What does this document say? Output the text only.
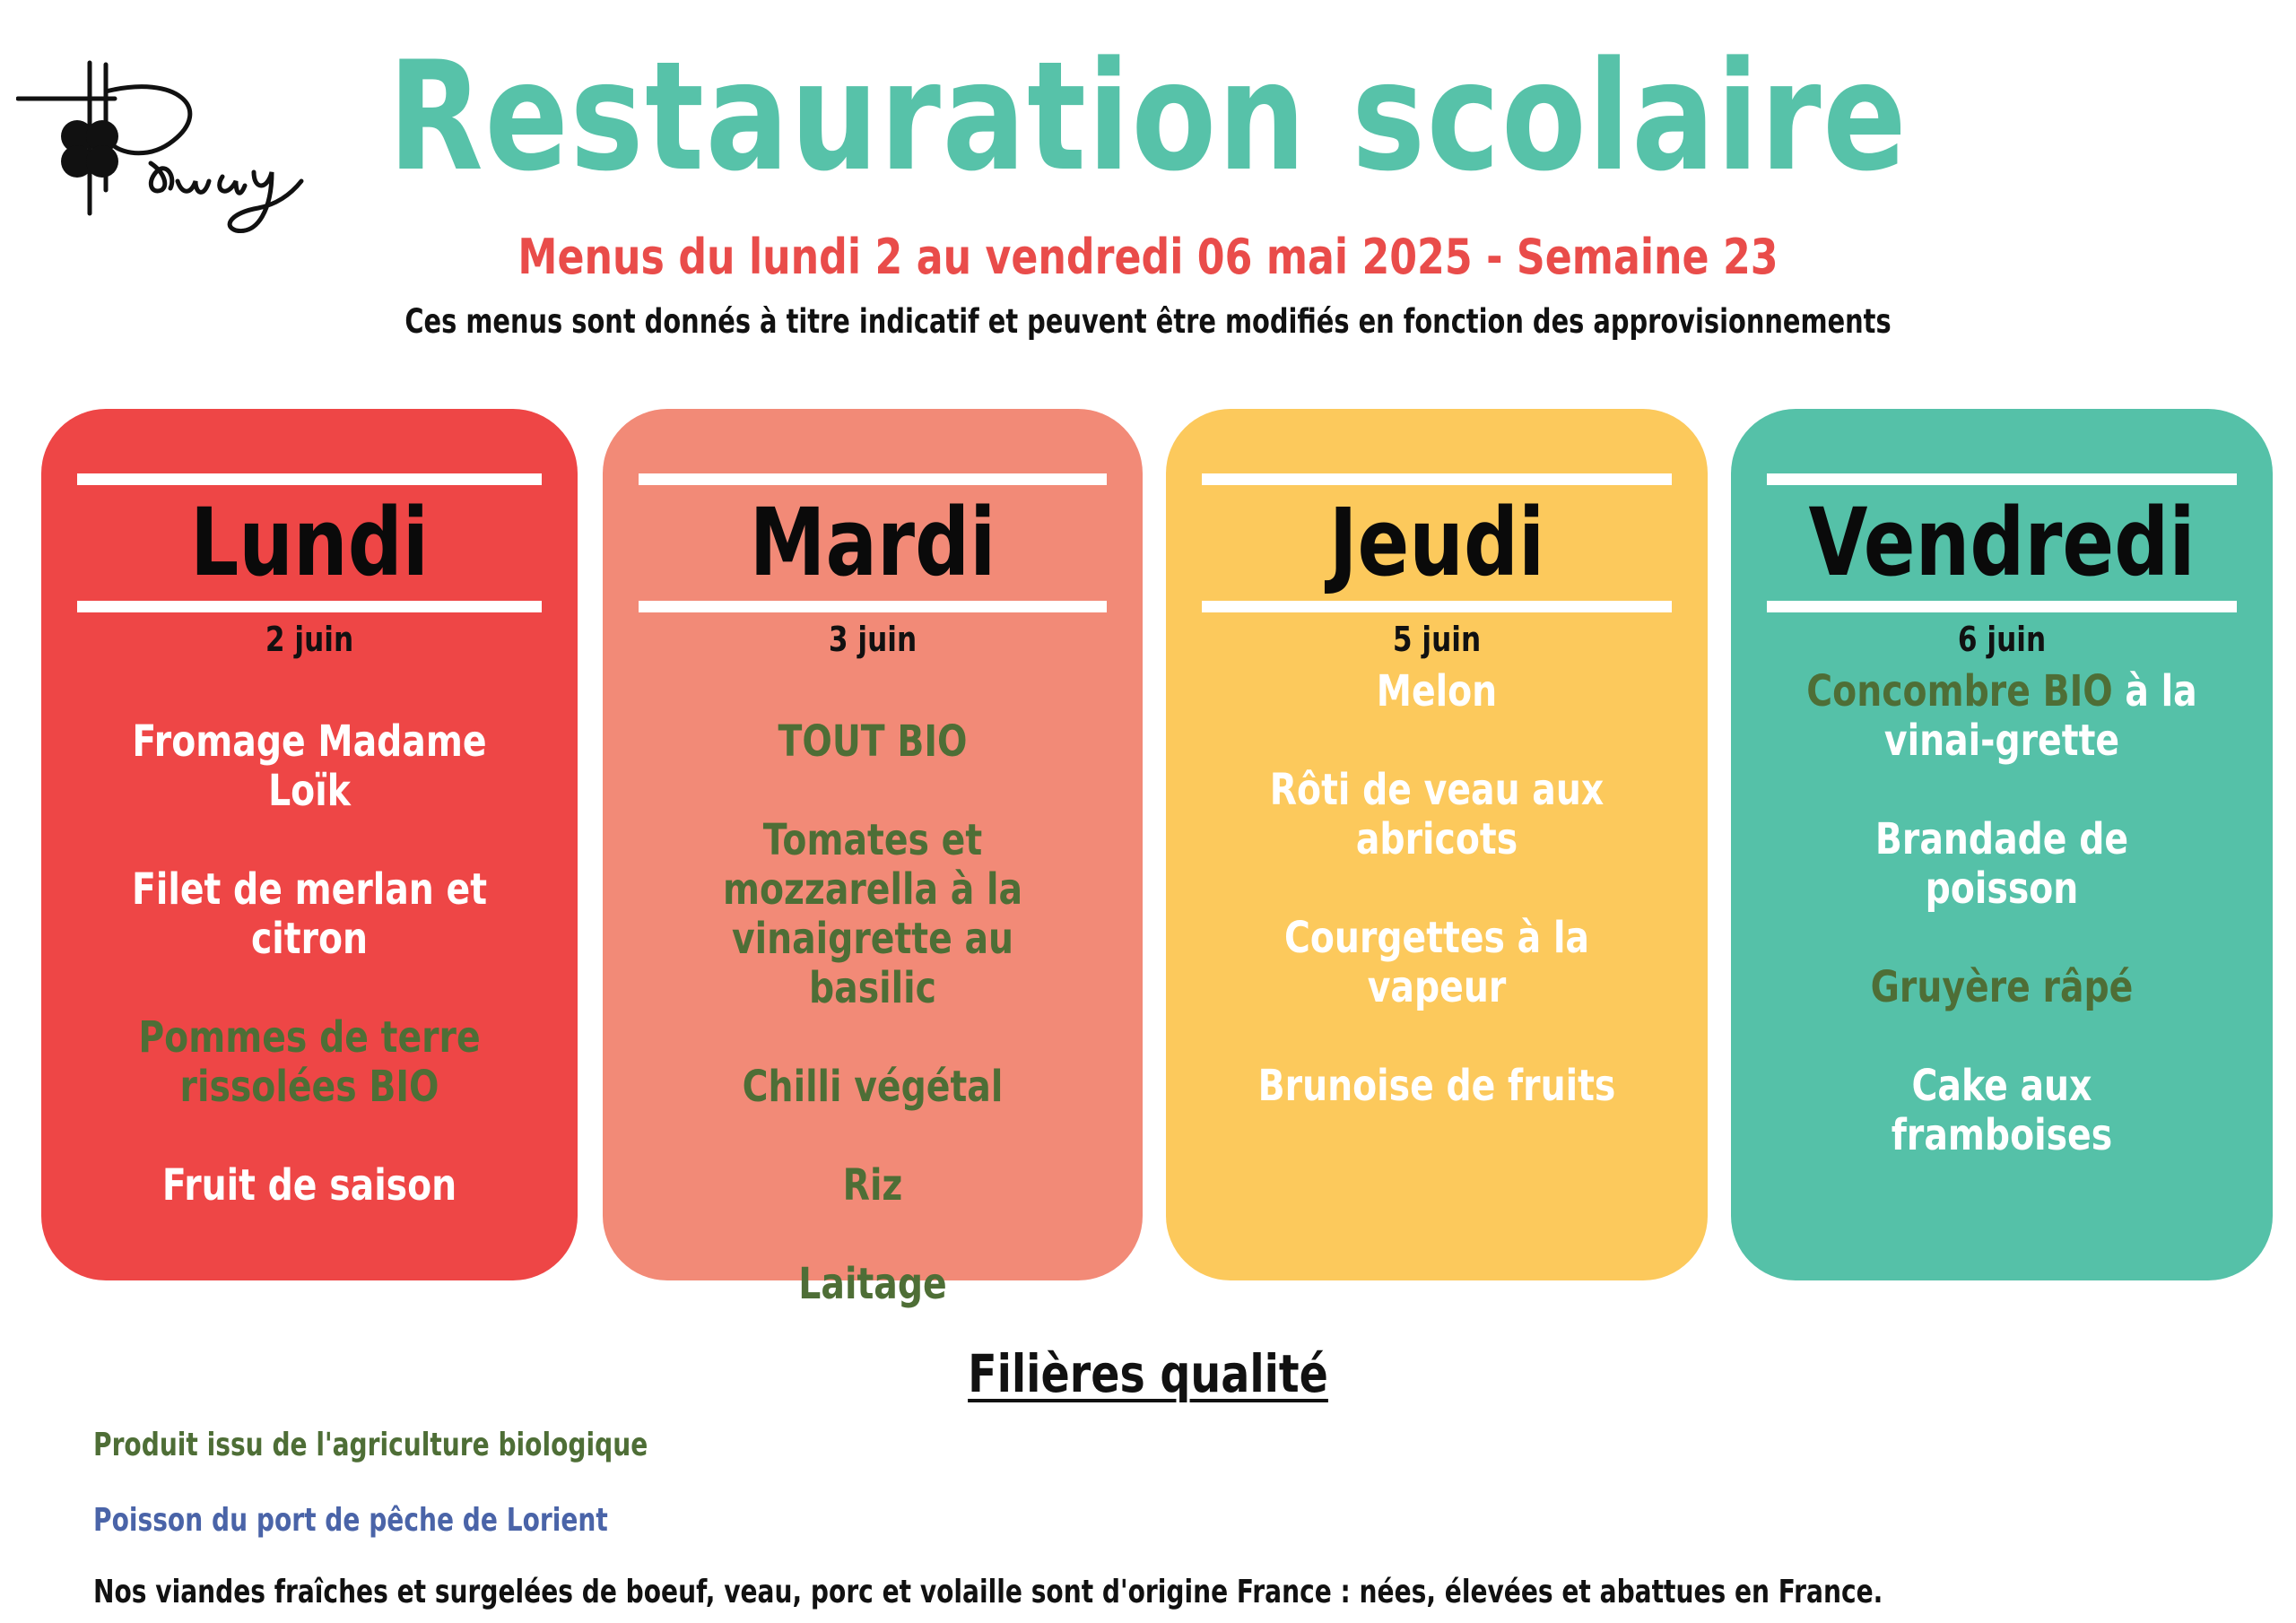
Restauration scolaire
Menus du lundi 2 au vendredi 06 mai 2025 - Semaine 23
Ces menus sont donnés à titre indicatif et peuvent être modifiés en fonction des approvisionnements
Lundi
2 juin
Fromage Madame Loïk
Filet de merlan et citron
Pommes de terre rissolées BIO
Fruit de saison
Mardi
3 juin
TOUT BIO
Tomates et mozzarella à la vinaigrette au basilic
Chilli végétal
Riz
Laitage
Jeudi
5 juin
Melon
Rôti de veau aux abricots
Courgettes à la vapeur
Brunoise de fruits
Vendredi
6 juin
Concombre BIO à la vinai-grette
Brandade de poisson
Gruyère râpé
Cake aux framboises
Filières qualité
Produit issu de l'agriculture biologique
Poisson du port de pêche de Lorient
Nos viandes fraîches et surgelées de boeuf, veau, porc et volaille sont d'origine France : nées, élevées et abattues en France.
